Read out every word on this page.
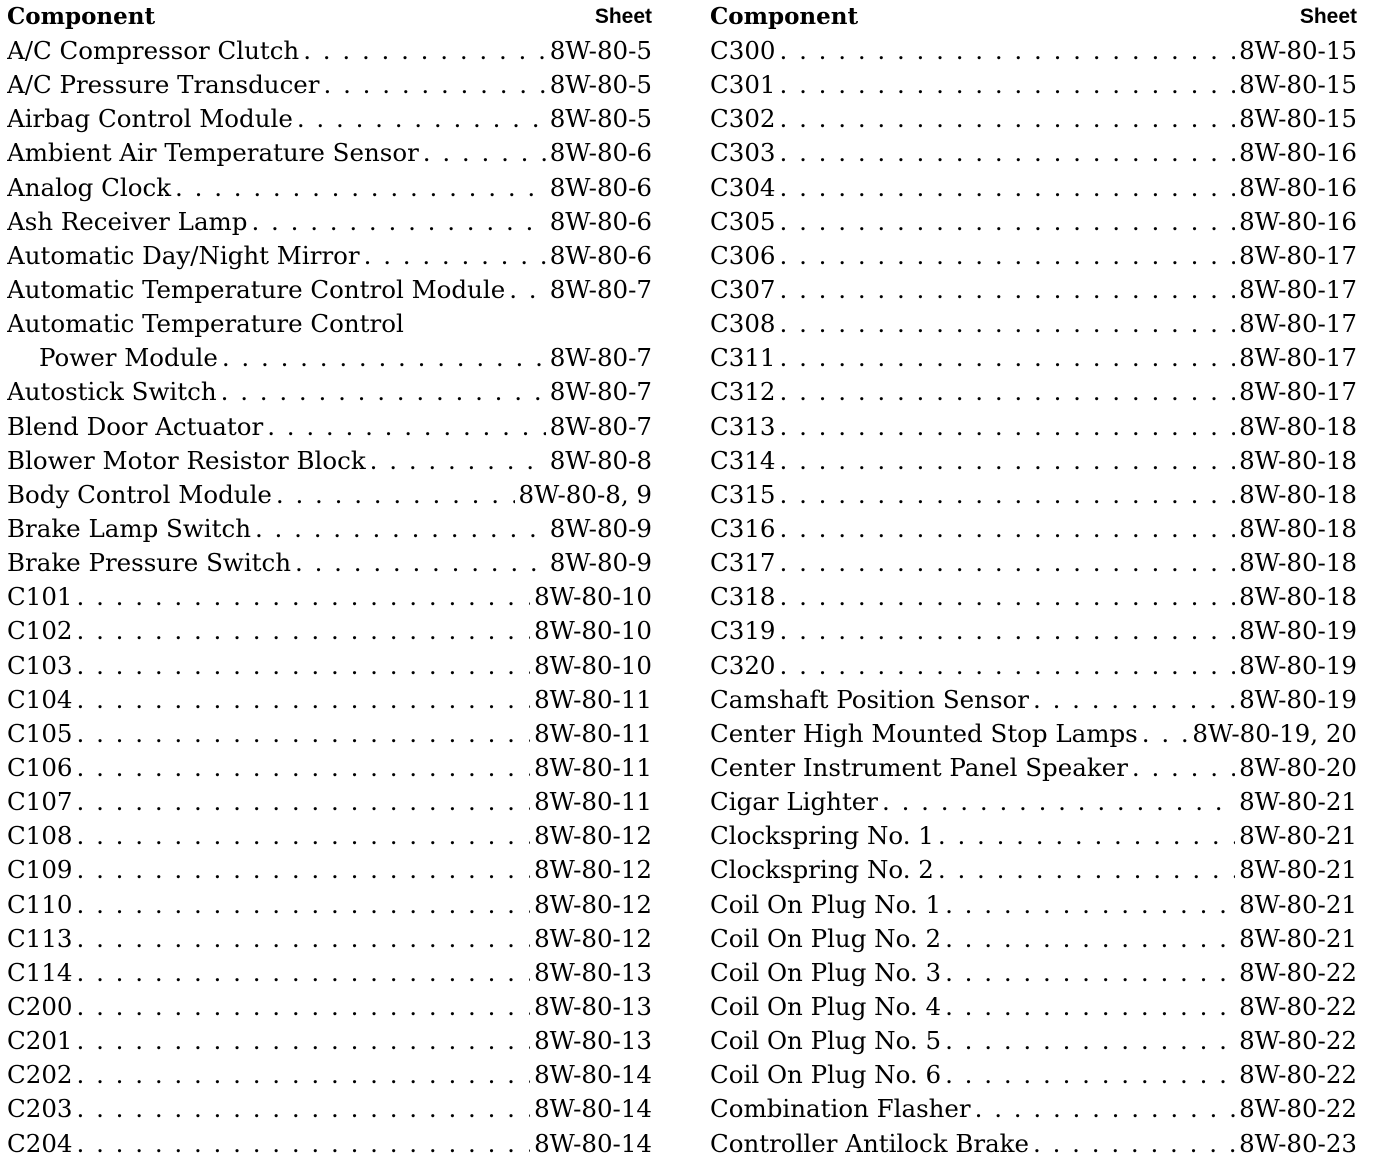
Component	Sheet
A/C Compressor Clutch . . .	8W-80-5
A/C Pressure Transducer . . .	8W-80-5
Airbag Control Module . . .	8W-80-5
Ambient Air Temperature Sensor . . .	8W-80-6
Analog Clock . . .	8W-80-6
Ash Receiver Lamp . . .	8W-80-6
Automatic Day/Night Mirror . . .	8W-80-6
Automatic Temperature Control Module . . . 8W-80-7
Automatic Temperature Control
Power Module . . .	8W-80-7
Autostick Switch . . .	8W-80-7
Blend Door Actuator . . .	8W-80-7
Blower Motor Resistor Block . . .	8W-80-8
Body Control Module . . .	8W-80-8, 9
Brake Lamp Switch . . .	8W-80-9
Brake Pressure Switch . . .	8W-80-9
C101 . . .	8W-80-10
C102 . . .	8W-80-10
C103 . . .	8W-80-10
C104 . . .	8W-80-11
C105 . . .	8W-80-11
C106 . . .	8W-80-11
C107 . . .	8W-80-11
C108 . . .	8W-80-12
C109 . . .	8W-80-12
C110 . . .	8W-80-12
C113 . . .	8W-80-12
C114 . . .	8W-80-13
C200 . . .	8W-80-13
C201 . . .	8W-80-13
C202 . . .	8W-80-14
C203 . . .	8W-80-14
C204 . . .	8W-80-14
Component	Sheet
C300 . . .	8W-80-15
C301 . . .	8W-80-15
C302 . . .	8W-80-15
C303 . . .	8W-80-16
C304 . . .	8W-80-16
C305 . . .	8W-80-16
C306 . . .	8W-80-17
C307 . . .	8W-80-17
C308 . . .	8W-80-17
C311 . . .	8W-80-17
C312 . . .	8W-80-17
C313 . . .	8W-80-18
C314 . . .	8W-80-18
C315 . . .	8W-80-18
C316 . . .	8W-80-18
C317 . . .	8W-80-18
C318 . . .	8W-80-18
C319 . . .	8W-80-19
C320 . . .	8W-80-19
Camshaft Position Sensor . . .	8W-80-19
Center High Mounted Stop Lamps . . . 8W-80-19, 20
Center Instrument Panel Speaker . . .	8W-80-20
Cigar Lighter . . .	8W-80-21
Clockspring No. 1 . . .	8W-80-21
Clockspring No. 2 . . .	8W-80-21
Coil On Plug No. 1 . . .	8W-80-21
Coil On Plug No. 2 . . .	8W-80-21
Coil On Plug No. 3 . . .	8W-80-22
Coil On Plug No. 4 . . .	8W-80-22
Coil On Plug No. 5 . . .	8W-80-22
Coil On Plug No. 6 . . .	8W-80-22
Combination Flasher . . .	8W-80-22
Controller Antilock Brake . . .	8W-80-23
